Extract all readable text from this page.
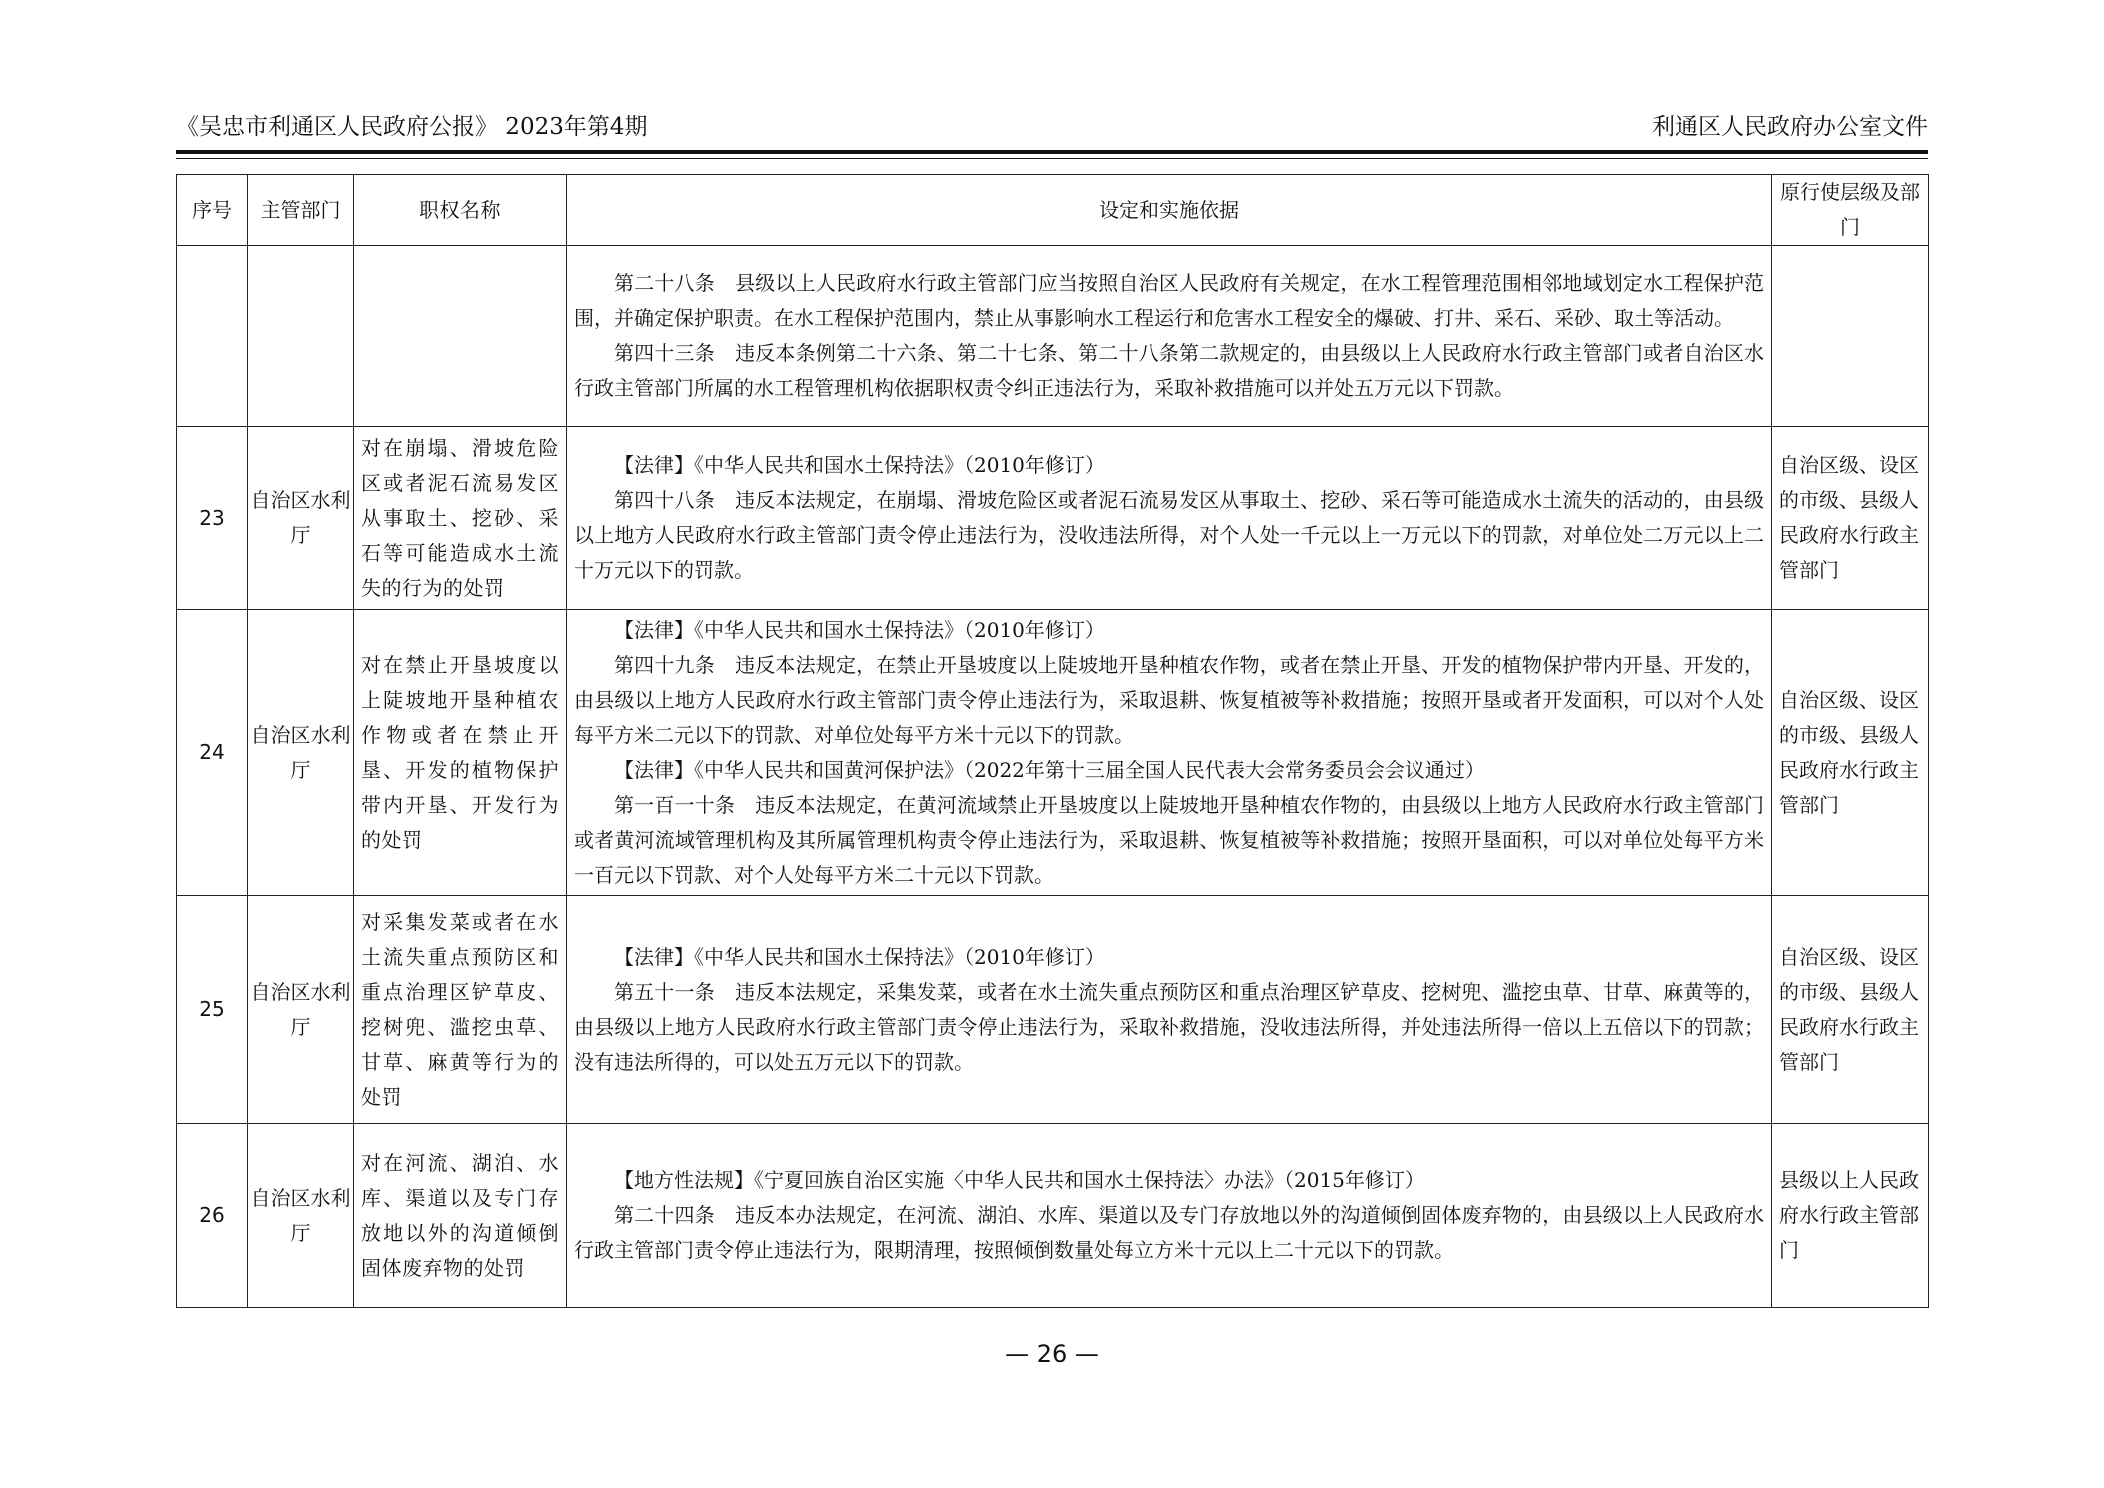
《吴忠市利通区人民政府公报》 2023年第4期	利通区人民政府办公室文件
序号	主管部门	职权名称	设定和实施依据	原行使层级及部门

			第二十八条　县级以上人民政府水行政主管部门应当按照自治区人民政府有关规定，在水工程管理范围相邻地域划定水工程保护范围，并确定保护职责。在水工程保护范围内，禁止从事影响水工程运行和危害水工程安全的爆破、打井、采石、采砂、取土等活动。

第四十三条　违反本条例第二十六条、第二十七条、第二十八条第二款规定的，由县级以上人民政府水行政主管部门或者自治区水行政主管部门所属的水工程管理机构依据职权责令纠正违法行为，采取补救措施可以并处五万元以下罚款。	

23	自治区水利厅	对在崩塌、滑坡危险区或者泥石流易发区从事取土、挖砂、采石等可能造成水土流失的行为的处罚	【法律】《中华人民共和国水土保持法》（2010年修订）

第四十八条　违反本法规定，在崩塌、滑坡危险区或者泥石流易发区从事取土、挖砂、采石等可能造成水土流失的活动的，由县级以上地方人民政府水行政主管部门责令停止违法行为，没收违法所得，对个人处一千元以上一万元以下的罚款，对单位处二万元以上二十万元以下的罚款。	自治区级、设区的市级、县级人民政府水行政主管部门
24	自治区水利厅	对在禁止开垦坡度以上陡坡地开垦种植农作物或者在禁止开垦、开发的植物保护带内开垦、开发行为的处罚	【法律】《中华人民共和国水土保持法》（2010年修订）

第四十九条　违反本法规定，在禁止开垦坡度以上陡坡地开垦种植农作物，或者在禁止开垦、开发的植物保护带内开垦、开发的，由县级以上地方人民政府水行政主管部门责令停止违法行为，采取退耕、恢复植被等补救措施；按照开垦或者开发面积，可以对个人处每平方米二元以下的罚款、对单位处每平方米十元以下的罚款。

【法律】《中华人民共和国黄河保护法》（2022年第十三届全国人民代表大会常务委员会会议通过）

第一百一十条　违反本法规定，在黄河流域禁止开垦坡度以上陡坡地开垦种植农作物的，由县级以上地方人民政府水行政主管部门或者黄河流域管理机构及其所属管理机构责令停止违法行为，采取退耕、恢复植被等补救措施；按照开垦面积，可以对单位处每平方米一百元以下罚款、对个人处每平方米二十元以下罚款。	自治区级、设区的市级、县级人民政府水行政主管部门
25	自治区水利厅	对采集发菜或者在水土流失重点预防区和重点治理区铲草皮、挖树兜、滥挖虫草、甘草、麻黄等行为的处罚	【法律】《中华人民共和国水土保持法》（2010年修订）

第五十一条　违反本法规定，采集发菜，或者在水土流失重点预防区和重点治理区铲草皮、挖树兜、滥挖虫草、甘草、麻黄等的，由县级以上地方人民政府水行政主管部门责令停止违法行为，采取补救措施，没收违法所得，并处违法所得一倍以上五倍以下的罚款；没有违法所得的，可以处五万元以下的罚款。	自治区级、设区的市级、县级人民政府水行政主管部门
26	自治区水利厅	对在河流、湖泊、水库、渠道以及专门存放地以外的沟道倾倒固体废弃物的处罚	【地方性法规】《宁夏回族自治区实施〈中华人民共和国水土保持法〉办法》（2015年修订）

第二十四条　违反本办法规定，在河流、湖泊、水库、渠道以及专门存放地以外的沟道倾倒固体废弃物的，由县级以上人民政府水行政主管部门责令停止违法行为，限期清理，按照倾倒数量处每立方米十元以上二十元以下的罚款。	县级以上人民政府水行政主管部门
— 26 —
